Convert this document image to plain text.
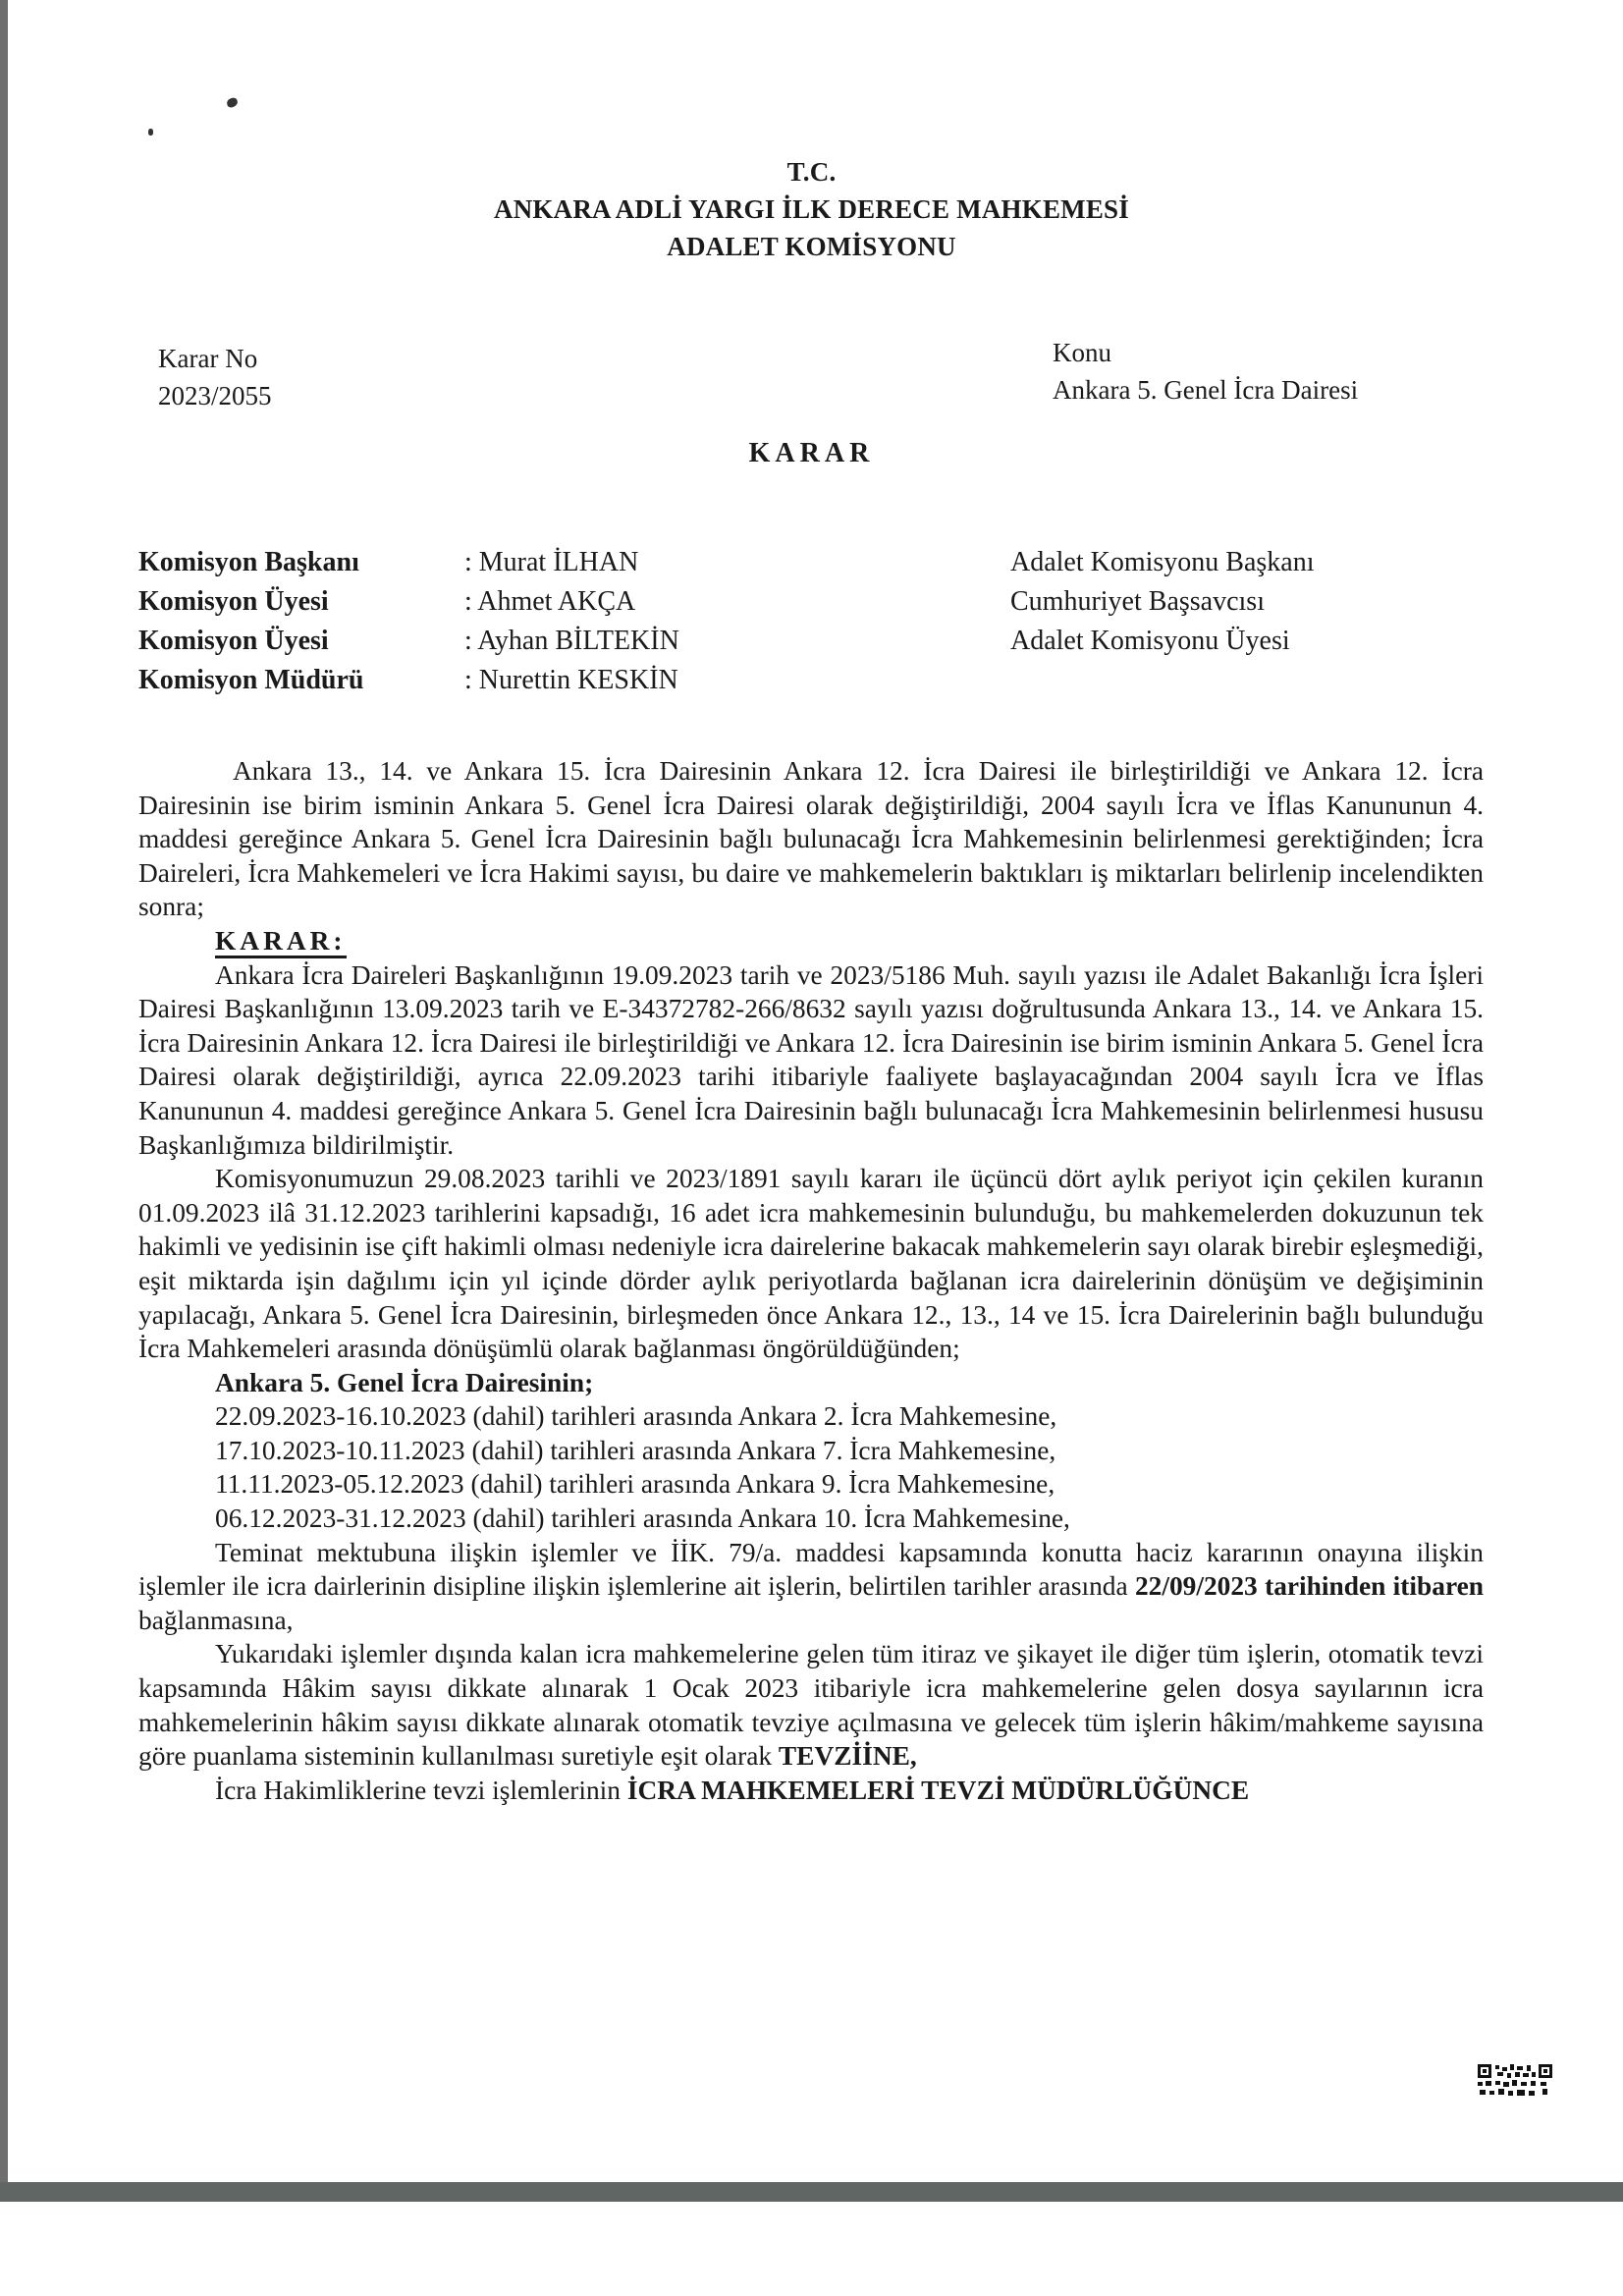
T.C.
ANKARA ADLİ YARGI İLK DERECE MAHKEMESİ
ADALET KOMİSYONU
Karar No
2023/2055
Konu
Ankara 5. Genel İcra Dairesi
KARAR
Komisyon Başkanı	: Murat İLHAN	Adalet Komisyonu Başkanı
Komisyon Üyesi	: Ahmet AKÇA	Cumhuriyet Başsavcısı
Komisyon Üyesi	: Ayhan BİLTEKİN	Adalet Komisyonu Üyesi
Komisyon Müdürü	: Nurettin KESKİN

Ankara 13., 14. ve Ankara 15. İcra Dairesinin Ankara 12. İcra Dairesi ile birleştirildiği ve Ankara 12. İcra Dairesinin ise birim isminin Ankara 5. Genel İcra Dairesi olarak değiştirildiği, 2004 sayılı İcra ve İflas Kanununun 4. maddesi gereğince Ankara 5. Genel İcra Dairesinin bağlı bulunacağı İcra Mahkemesinin belirlenmesi gerektiğinden; İcra Daireleri, İcra Mahkemeleri ve İcra Hakimi sayısı, bu daire ve mahkemelerin baktıkları iş miktarları belirlenip incelendikten sonra;

KARAR:

Ankara İcra Daireleri Başkanlığının 19.09.2023 tarih ve 2023/5186 Muh. sayılı yazısı ile Adalet Bakanlığı İcra İşleri Dairesi Başkanlığının 13.09.2023 tarih ve E-34372782-266/8632 sayılı yazısı doğrultusunda Ankara 13., 14. ve Ankara 15. İcra Dairesinin Ankara 12. İcra Dairesi ile birleştirildiği ve Ankara 12. İcra Dairesinin ise birim isminin Ankara 5. Genel İcra Dairesi olarak değiştirildiği, ayrıca 22.09.2023 tarihi itibariyle faaliyete başlayacağından 2004 sayılı İcra ve İflas Kanununun 4. maddesi gereğince Ankara 5. Genel İcra Dairesinin bağlı bulunacağı İcra Mahkemesinin belirlenmesi hususu Başkanlığımıza bildirilmiştir.

Komisyonumuzun 29.08.2023 tarihli ve 2023/1891 sayılı kararı ile üçüncü dört aylık periyot için çekilen kuranın 01.09.2023 ilâ 31.12.2023 tarihlerini kapsadığı, 16 adet icra mahkemesinin bulunduğu, bu mahkemelerden dokuzunun tek hakimli ve yedisinin ise çift hakimli olması nedeniyle icra dairelerine bakacak mahkemelerin sayı olarak birebir eşleşmediği, eşit miktarda işin dağılımı için yıl içinde dörder aylık periyotlarda bağlanan icra dairelerinin dönüşüm ve değişiminin yapılacağı, Ankara 5. Genel İcra Dairesinin, birleşmeden önce Ankara 12., 13., 14 ve 15. İcra Dairelerinin bağlı bulunduğu İcra Mahkemeleri arasında dönüşümlü olarak bağlanması öngörüldüğünden;

Ankara 5. Genel İcra Dairesinin;
22.09.2023-16.10.2023 (dahil) tarihleri arasında Ankara 2. İcra Mahkemesine,
17.10.2023-10.11.2023 (dahil) tarihleri arasında Ankara 7. İcra Mahkemesine,
11.11.2023-05.12.2023 (dahil) tarihleri arasında Ankara 9. İcra Mahkemesine,
06.12.2023-31.12.2023 (dahil) tarihleri arasında Ankara 10. İcra Mahkemesine,

Teminat mektubuna ilişkin işlemler ve İİK. 79/a. maddesi kapsamında konutta haciz kararının onayına ilişkin işlemler ile icra dairlerinin disipline ilişkin işlemlerine ait işlerin, belirtilen tarihler arasında 22/09/2023 tarihinden itibaren bağlanmasına,

Yukarıdaki işlemler dışında kalan icra mahkemelerine gelen tüm itiraz ve şikayet ile diğer tüm işlerin, otomatik tevzi kapsamında Hâkim sayısı dikkate alınarak 1 Ocak 2023 itibariyle icra mahkemelerine gelen dosya sayılarının icra mahkemelerinin hâkim sayısı dikkate alınarak otomatik tevziye açılmasına ve gelecek tüm işlerin hâkim/mahkeme sayısına göre puanlama sisteminin kullanılması suretiyle eşit olarak TEVZİİNE,

İcra Hakimliklerine tevzi işlemlerinin İCRA MAHKEMELERİ TEVZİ MÜDÜRLÜĞÜNCE
